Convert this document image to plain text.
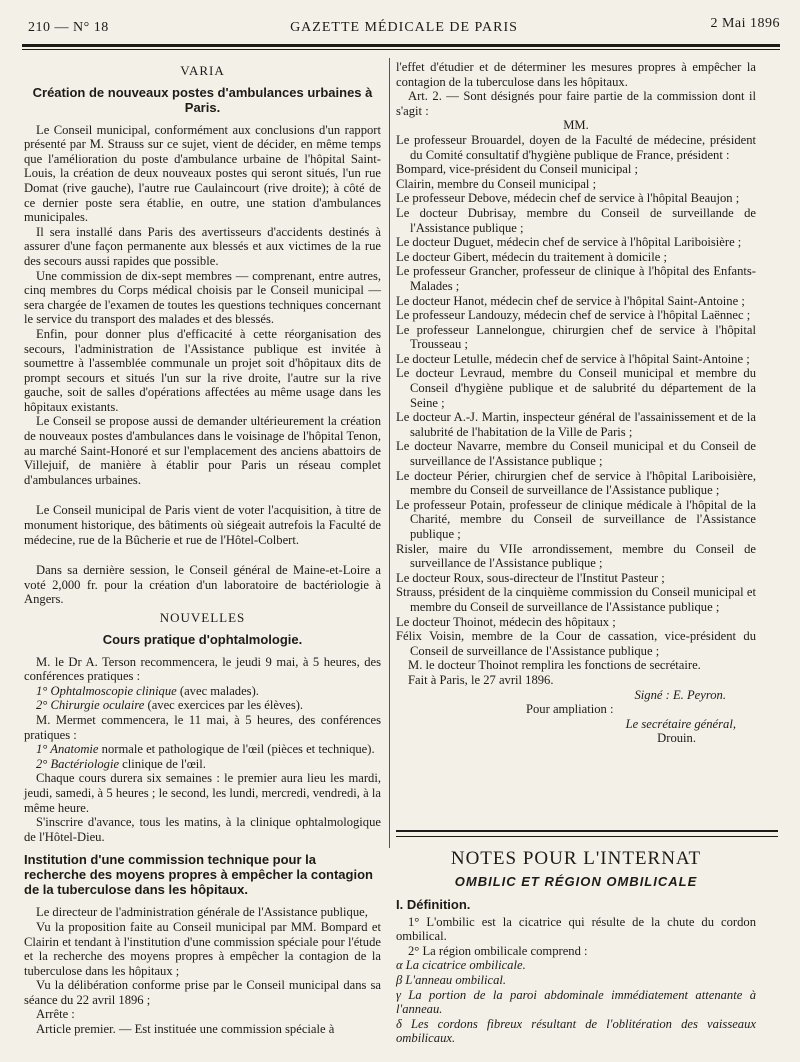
210 — N° 18	GAZETTE MÉDICALE DE PARIS	2 Mai 1896
VARIA
Création de nouveaux postes d'ambulances urbaines à Paris.

Le Conseil municipal, conformément aux conclusions d'un rapport présenté par M. Strauss sur ce sujet, vient de décider, en même temps que l'amélioration du poste d'ambulance urbaine de l'hôpital Saint-Louis, la création de deux nouveaux postes qui seront situés, l'un rue Domat (rive gauche), l'autre rue Caulaincourt (rive droite); à côté de ce dernier poste sera établie, en outre, une station d'ambulances municipales.

Il sera installé dans Paris des avertisseurs d'accidents destinés à assurer d'une façon permanente aux blessés et aux victimes de la rue des secours aussi rapides que possible.

Une commission de dix-sept membres — comprenant, entre autres, cinq membres du Corps médical choisis par le Conseil municipal — sera chargée de l'examen de toutes les questions techniques concernant le service du transport des malades et des blessés.

Enfin, pour donner plus d'efficacité à cette réorganisation des secours, l'administration de l'Assistance publique est invitée à soumettre à l'assemblée communale un projet soit d'hôpitaux dits de prompt secours et situés l'un sur la rive droite, l'autre sur la rive gauche, soit de salles d'opérations affectées au même usage dans les hôpitaux existants.

Le Conseil se propose aussi de demander ultérieurement la création de nouveaux postes d'ambulances dans le voisinage de l'hôpital Tenon, au marché Saint-Honoré et sur l'emplacement des anciens abattoirs de Villejuif, de manière à établir pour Paris un réseau complet d'ambulances urbaines.

Le Conseil municipal de Paris vient de voter l'acquisition, à titre de monument historique, des bâtiments où siégeait autrefois la Faculté de médecine, rue de la Bûcherie et rue de l'Hôtel-Colbert.

Dans sa dernière session, le Conseil général de Maine-et-Loire a voté 2,000 fr. pour la création d'un laboratoire de bactériologie à Angers.

NOUVELLES
Cours pratique d'ophtalmologie.

M. le Dr A. Terson recommencera, le jeudi 9 mai, à 5 heures, des conférences pratiques :

1° Ophtalmoscopie clinique (avec malades).

2° Chirurgie oculaire (avec exercices par les élèves).

M. Mermet commencera, le 11 mai, à 5 heures, des conférences pratiques :

1° Anatomie normale et pathologique de l'œil (pièces et technique).

2° Bactériologie clinique de l'œil.

Chaque cours durera six semaines : le premier aura lieu les mardi, jeudi, samedi, à 5 heures ; le second, les lundi, mercredi, vendredi, à la même heure.

S'inscrire d'avance, tous les matins, à la clinique ophtalmologique de l'Hôtel-Dieu.

Institution d'une commission technique pour la recherche des moyens propres à empêcher la contagion de la tuberculose dans les hôpitaux.

Le directeur de l'administration générale de l'Assistance publique,

Vu la proposition faite au Conseil municipal par MM. Bompard et Clairin et tendant à l'institution d'une commission spéciale pour l'étude et la recherche des moyens propres à empêcher la contagion de la tuberculose dans les hôpitaux ;

Vu la délibération conforme prise par le Conseil municipal dans sa séance du 22 avril 1896 ;

Arrête :

Article premier. — Est instituée une commission spéciale à

l'effet d'étudier et de déterminer les mesures propres à empêcher la contagion de la tuberculose dans les hôpitaux.

Art. 2. — Sont désignés pour faire partie de la commission dont il s'agit :

MM.

Le professeur Brouardel, doyen de la Faculté de médecine, président du Comité consultatif d'hygiène publique de France, président :

Bompard, vice-président du Conseil municipal ;

Clairin, membre du Conseil municipal ;

Le professeur Debove, médecin chef de service à l'hôpital Beaujon ;

Le docteur Dubrisay, membre du Conseil de surveillande de l'Assistance publique ;

Le docteur Duguet, médecin chef de service à l'hôpital Lariboisière ;

Le docteur Gibert, médecin du traitement à domicile ;

Le professeur Grancher, professeur de clinique à l'hôpital des Enfants-Malades ;

Le docteur Hanot, médecin chef de service à l'hôpital Saint-Antoine ;

Le professeur Landouzy, médecin chef de service à l'hôpital Laënnec ;

Le professeur Lannelongue, chirurgien chef de service à l'hôpital Trousseau ;

Le docteur Letulle, médecin chef de service à l'hôpital Saint-Antoine ;

Le docteur Levraud, membre du Conseil municipal et membre du Conseil d'hygiène publique et de salubrité du département de la Seine ;

Le docteur A.-J. Martin, inspecteur général de l'assainissement et de la salubrité de l'habitation de la Ville de Paris ;

Le docteur Navarre, membre du Conseil municipal et du Conseil de surveillance de l'Assistance publique ;

Le docteur Périer, chirurgien chef de service à l'hôpital Lariboisière, membre du Conseil de surveillance de l'Assistance publique ;

Le professeur Potain, professeur de clinique médicale à l'hôpital de la Charité, membre du Conseil de surveillance de l'Assistance publique ;

Risler, maire du VIIe arrondissement, membre du Conseil de surveillance de l'Assistance publique ;

Le docteur Roux, sous-directeur de l'Institut Pasteur ;

Strauss, président de la cinquième commission du Conseil municipal et membre du Conseil de surveillance de l'Assistance publique ;

Le docteur Thoinot, médecin des hôpitaux ;

Félix Voisin, membre de la Cour de cassation, vice-président du Conseil de surveillance de l'Assistance publique ;

M. le docteur Thoinot remplira les fonctions de secrétaire.

Fait à Paris, le 27 avril 1896.

Signé : E. Peyron.
Pour ampliation :
Le secrétaire général,
Drouin.
NOTES POUR L'INTERNAT
OMBILIC ET RÉGION OMBILICALE
I. Définition.

1° L'ombilic est la cicatrice qui résulte de la chute du cordon ombilical.

2° La région ombilicale comprend :

α La cicatrice ombilicale.

β L'anneau ombilical.

γ La portion de la paroi abdominale immédiatement attenante à l'anneau.

δ Les cordons fibreux résultant de l'oblitération des vaisseaux ombilicaux.
